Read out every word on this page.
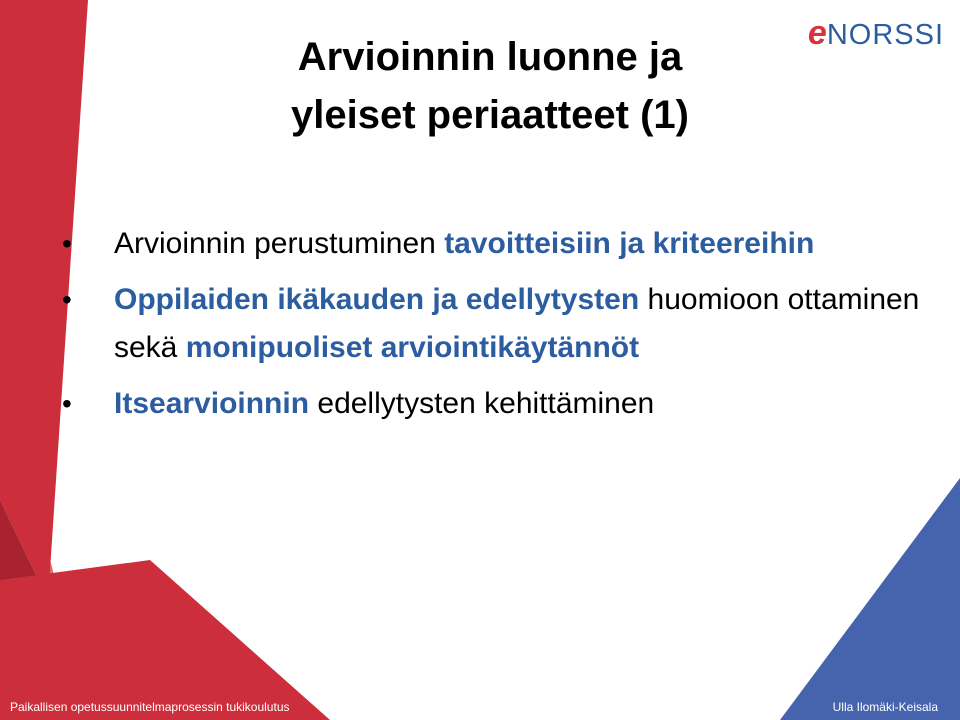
e NORSSI
Arvioinnin luonne ja
yleiset periaatteet (1)
• Arvioinnin perustuminen tavoitteisiin ja kriteereihin
• Oppilaiden ikäkauden ja edellytysten huomioon ottaminen sekä monipuoliset arviointikäytännöt
• Itsearvioinnin edellytysten kehittäminen
Paikallisen opetussuunnitelmaprosessin tukikoulutus	Ulla Ilomäki-Keisala
